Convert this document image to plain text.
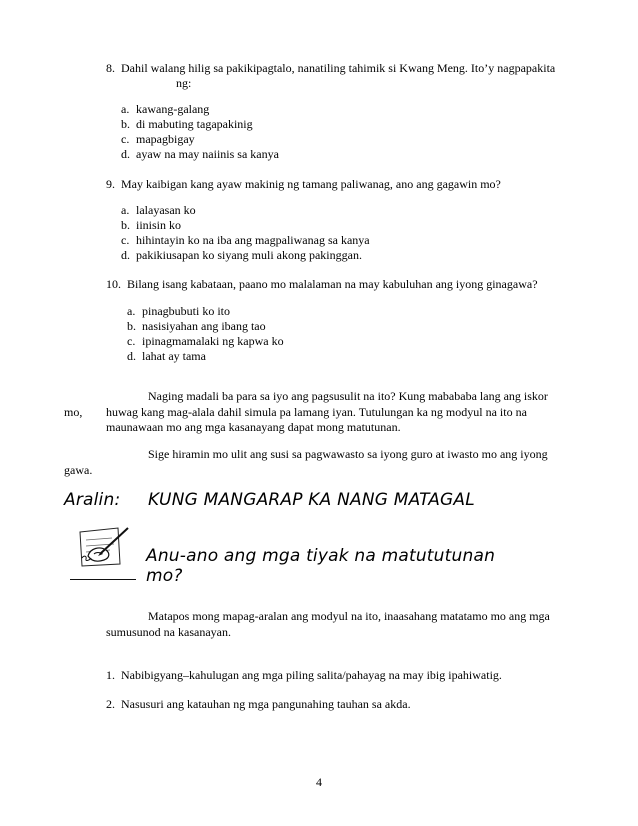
8. Dahil walang hilig sa pakikipagtalo, nanatiling tahimik si Kwang Meng. Ito’y nagpapakita
ng:
a. kawang-galang
b. di mabuting tagapakinig
c. mapagbigay
d. ayaw na may naiinis sa kanya
9. May kaibigan kang ayaw makinig ng tamang paliwanag, ano ang gagawin mo?
a. lalayasan ko
b. iinisin ko
c. hihintayin ko na iba ang magpaliwanag sa kanya
d. pakikiusapan ko siyang muli akong pakinggan.
10. Bilang isang kabataan, paano mo malalaman na may kabuluhan ang iyong ginagawa?
a. pinagbubuti ko ito
b. nasisiyahan ang ibang tao
c. ipinagmamalaki ng kapwa ko
d. lahat ay tama
Naging madali ba para sa iyo ang pagsusulit na ito? Kung mabababa lang ang iskor
mo, huwag kang mag-alala dahil simula pa lamang iyan. Tutulungan ka ng modyul na ito na
maunawaan mo ang mga kasanayang dapat mong matutunan.
Sige hiramin mo ulit ang susi sa pagwawasto sa iyong guro at iwasto mo ang iyong
gawa.
Aralin: KUNG MANGARAP KA NANG MATAGAL
Anu-ano ang mga tiyak na matututunan
mo?
Matapos mong mapag-aralan ang modyul na ito, inaasahang matatamo mo ang mga
sumusunod na kasanayan.
1. Nabibigyang–kahulugan ang mga piling salita/pahayag na may ibig ipahiwatig.
2. Nasusuri ang katauhan ng mga pangunahing tauhan sa akda.
4
